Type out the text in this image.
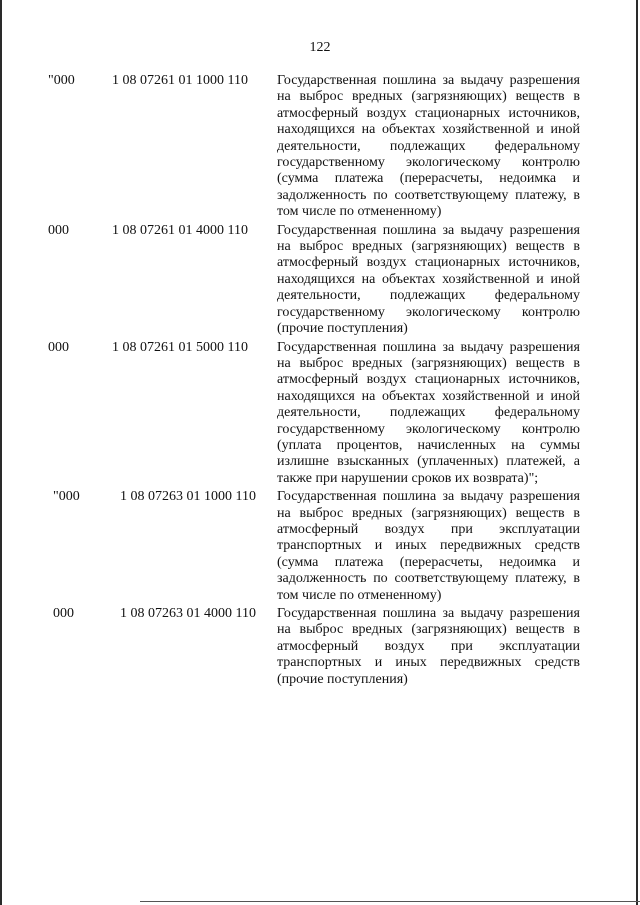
122
"000	1 08 07261 01 1000 110	Государственная пошлина за выдачу разрешения на выброс вредных (загрязняющих) веществ в атмосферный воздух стационарных источников, находящихся на объектах хозяйственной и иной деятельности, подлежащих федеральному государственному экологическому контролю (сумма платежа (перерасчеты, недоимка и задолженность по соответствующему платежу, в том числе по отмененному)
000	1 08 07261 01 4000 110	Государственная пошлина за выдачу разрешения на выброс вредных (загрязняющих) веществ в атмосферный воздух стационарных источников, находящихся на объектах хозяйственной и иной деятельности, подлежащих федеральному государственному экологическому контролю (прочие поступления)
000	1 08 07261 01 5000 110	Государственная пошлина за выдачу разрешения на выброс вредных (загрязняющих) веществ в атмосферный воздух стационарных источников, находящихся на объектах хозяйственной и иной деятельности, подлежащих федеральному государственному экологическому контролю (уплата процентов, начисленных на суммы излишне взысканных (уплаченных) платежей, а также при нарушении сроков их возврата)";
"000	1 08 07263 01 1000 110	Государственная пошлина за выдачу разрешения на выброс вредных (загрязняющих) веществ в атмосферный воздух при эксплуатации транспортных и иных передвижных средств (сумма платежа (перерасчеты, недоимка и задолженность по соответствующему платежу, в том числе по отмененному)
000	1 08 07263 01 4000 110	Государственная пошлина за выдачу разрешения на выброс вредных (загрязняющих) веществ в атмосферный воздух при эксплуатации транспортных и иных передвижных средств (прочие поступления)
